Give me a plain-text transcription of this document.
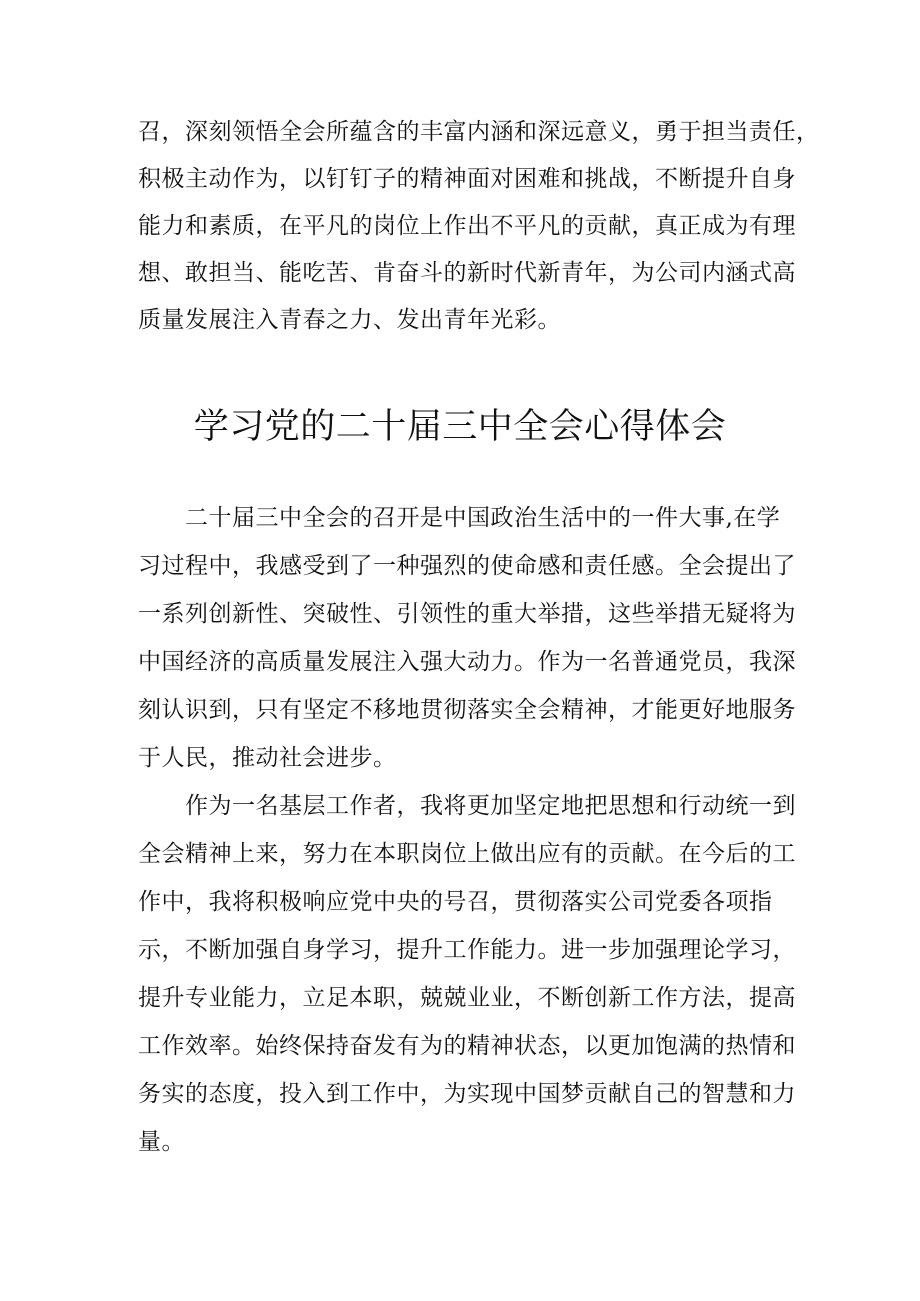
召，深刻领悟全会所蕴含的丰富内涵和深远意义，勇于担当责任，
积极主动作为，以钉钉子的精神面对困难和挑战，不断提升自身
能力和素质，在平凡的岗位上作出不平凡的贡献，真正成为有理
想、敢担当、能吃苦、肯奋斗的新时代新青年，为公司内涵式高
质量发展注入青春之力、发出青年光彩。
学习党的二十届三中全会心得体会
　　二十届三中全会的召开是中国政治生活中的一件大事,在学
习过程中，我感受到了一种强烈的使命感和责任感。全会提出了
一系列创新性、突破性、引领性的重大举措，这些举措无疑将为
中国经济的高质量发展注入强大动力。作为一名普通党员，我深
刻认识到，只有坚定不移地贯彻落实全会精神，才能更好地服务
于人民，推动社会进步。
　　作为一名基层工作者，我将更加坚定地把思想和行动统一到
全会精神上来，努力在本职岗位上做出应有的贡献。在今后的工
作中，我将积极响应党中央的号召，贯彻落实公司党委各项指
示，不断加强自身学习，提升工作能力。进一步加强理论学习，
提升专业能力，立足本职，兢兢业业，不断创新工作方法，提高
工作效率。始终保持奋发有为的精神状态，以更加饱满的热情和
务实的态度，投入到工作中，为实现中国梦贡献自己的智慧和力
量。
